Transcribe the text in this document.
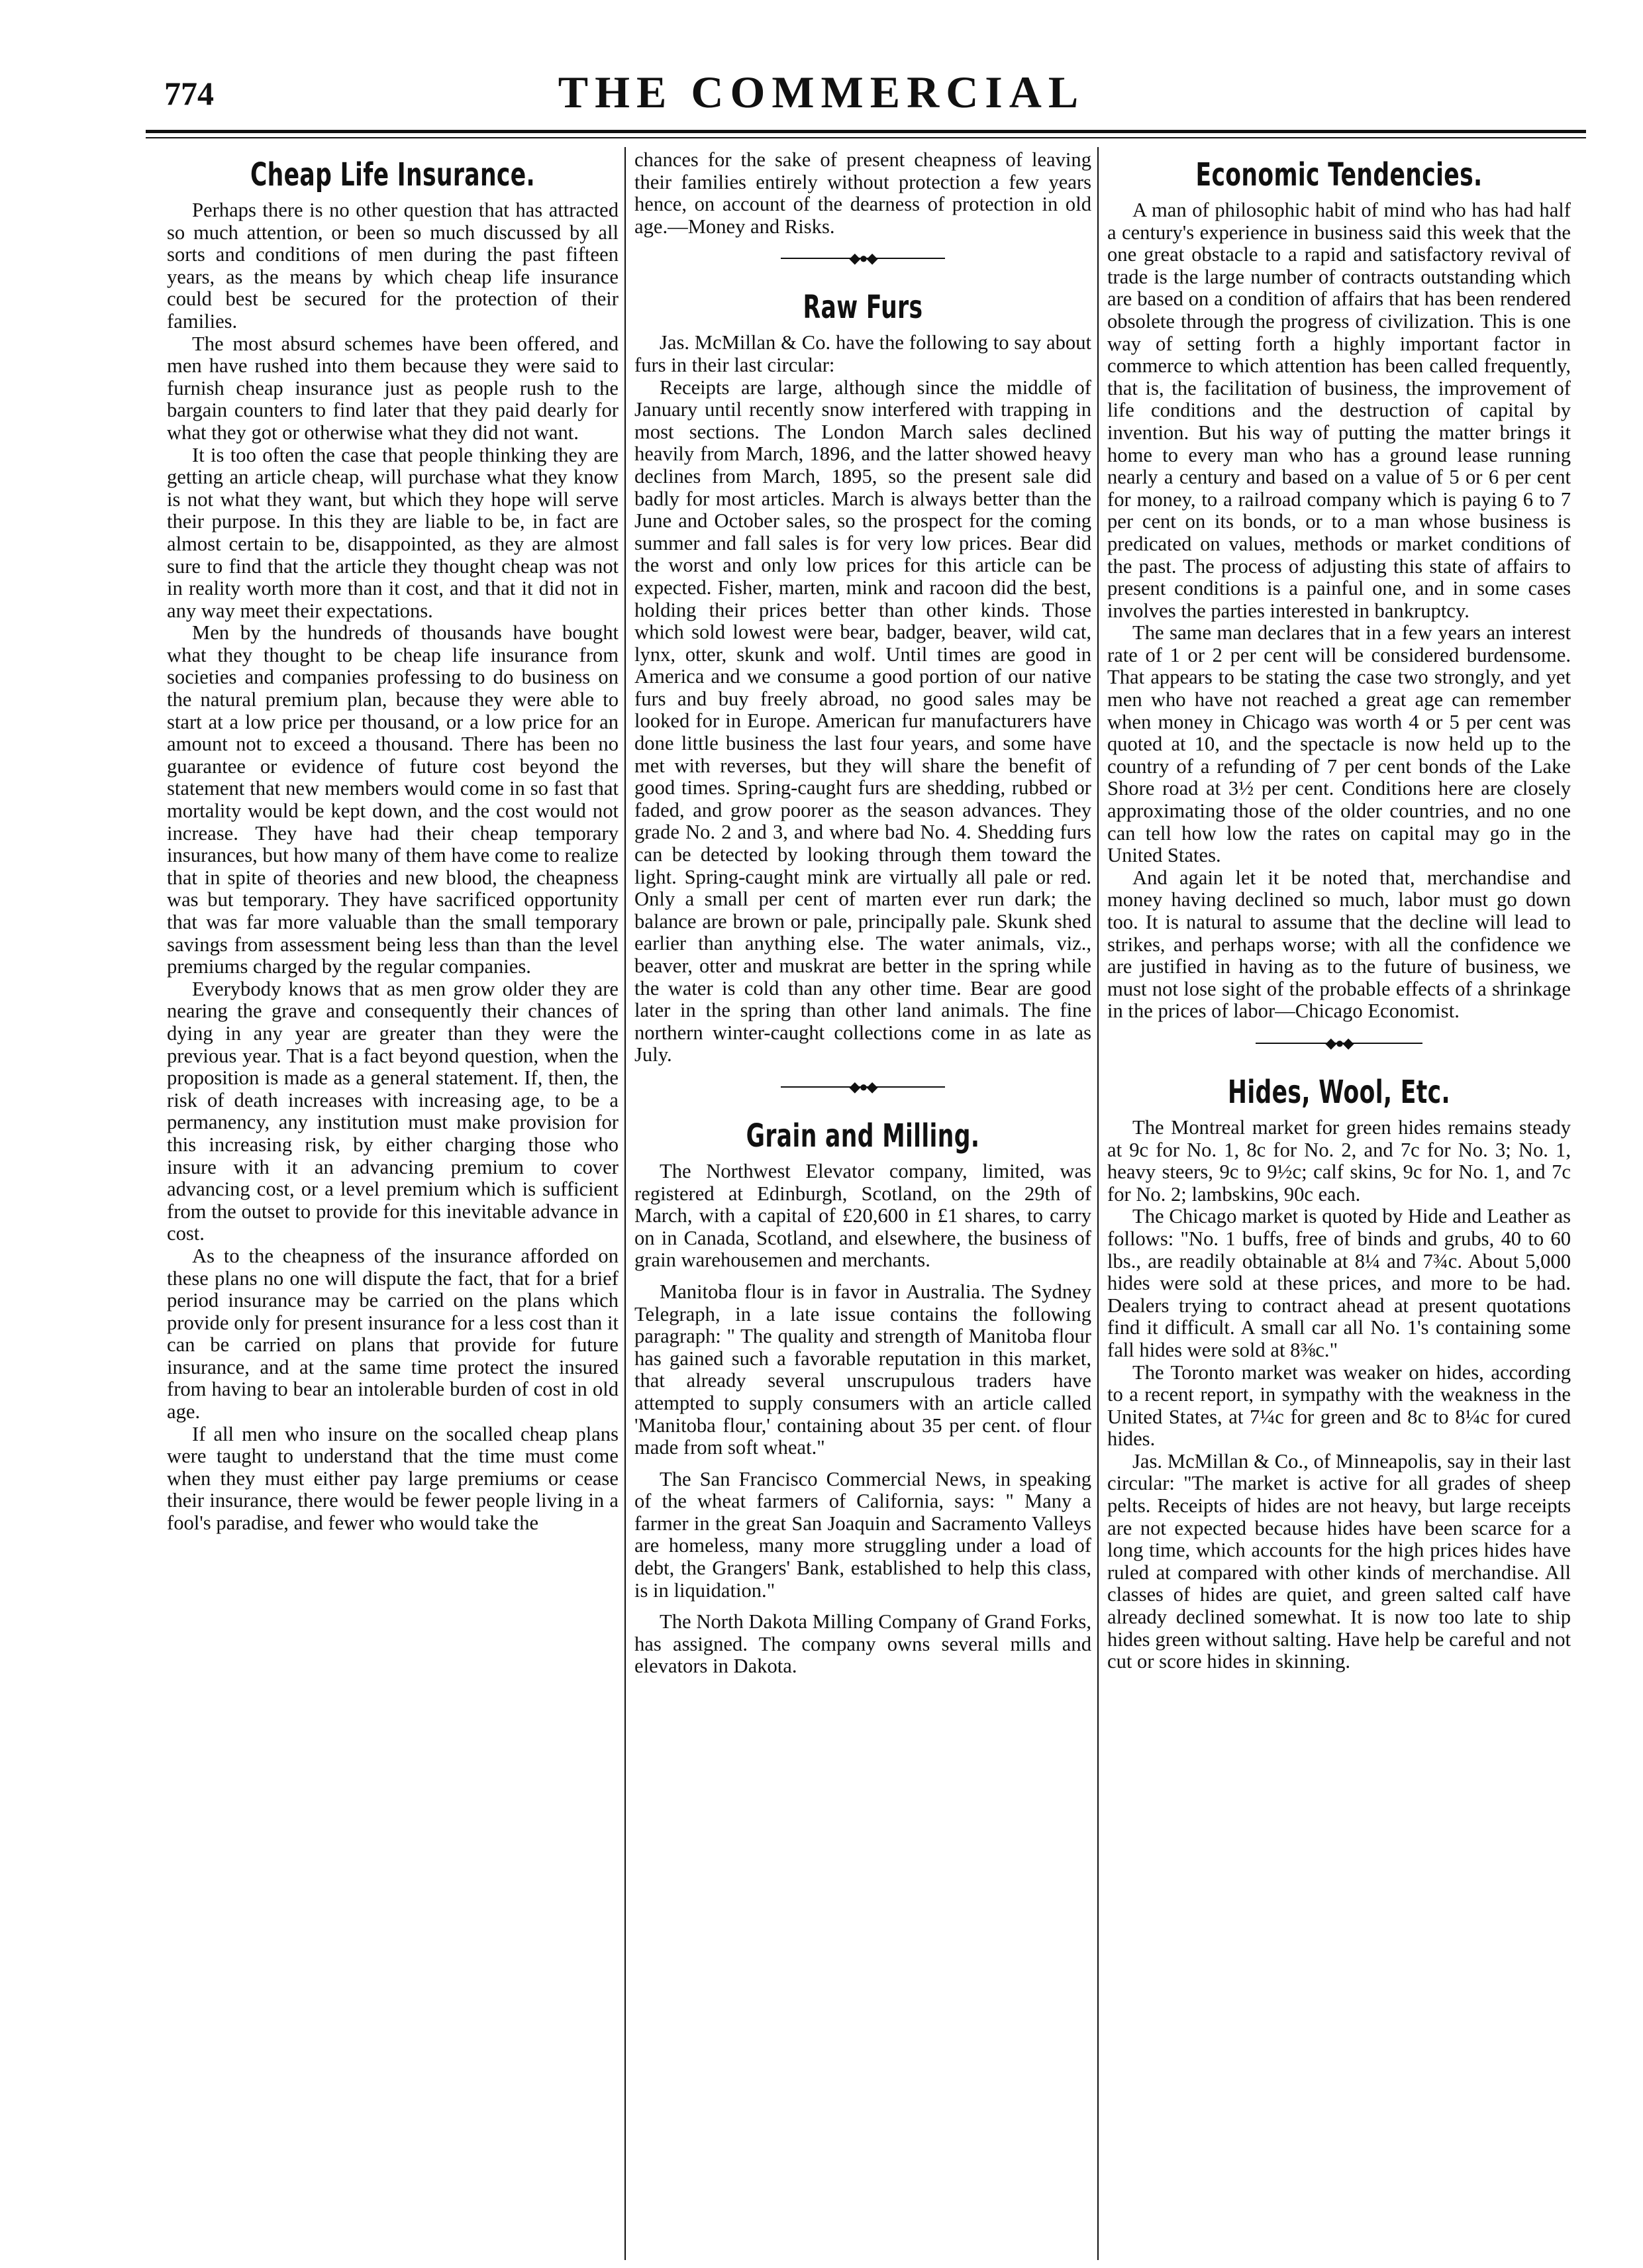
774	THE COMMERCIAL
Cheap Life Insurance.

Perhaps there is no other question that has attracted so much attention, or been so much discussed by all sorts and conditions of men during the past fifteen years, as the means by which cheap life insurance could best be secured for the protection of their families.

The most absurd schemes have been offered, and men have rushed into them because they were said to furnish cheap insurance just as people rush to the bargain counters to find later that they paid dearly for what they got or otherwise what they did not want.

It is too often the case that people thinking they are getting an article cheap, will purchase what they know is not what they want, but which they hope will serve their purpose. In this they are liable to be, in fact are almost certain to be, disappointed, as they are almost sure to find that the article they thought cheap was not in reality worth more than it cost, and that it did not in any way meet their expectations.

Men by the hundreds of thousands have bought what they thought to be cheap life insurance from societies and companies professing to do business on the natural premium plan, because they were able to start at a low price per thousand, or a low price for an amount not to exceed a thousand. There has been no guarantee or evidence of future cost beyond the statement that new members would come in so fast that mortality would be kept down, and the cost would not increase. They have had their cheap temporary insurances, but how many of them have come to realize that in spite of theories and new blood, the cheapness was but temporary. They have sacrificed opportunity that was far more valuable than the small temporary savings from assessment being less than than the level premiums charged by the regular companies.

Everybody knows that as men grow older they are nearing the grave and consequently their chances of dying in any year are greater than they were the previous year. That is a fact beyond question, when the proposition is made as a general statement. If, then, the risk of death increases with increasing age, to be a permanency, any institution must make provision for this increasing risk, by either charging those who insure with it an advancing premium to cover advancing cost, or a level premium which is sufficient from the outset to provide for this inevitable advance in cost.

As to the cheapness of the insurance afforded on these plans no one will dispute the fact, that for a brief period insurance may be carried on the plans which provide only for present insurance for a less cost than it can be carried on plans that provide for future insurance, and at the same time protect the insured from having to bear an intolerable burden of cost in old age.

If all men who insure on the socalled cheap plans were taught to understand that the time must come when they must either pay large premiums or cease their insurance, there would be fewer people living in a fool's paradise, and fewer who would take the

chances for the sake of present cheapness of leaving their families entirely without protection a few years hence, on account of the dearness of protection in old age.—Money and Risks.

◆●◆
Raw Furs

Jas. McMillan & Co. have the following to say about furs in their last circular:

Receipts are large, although since the middle of January until recently snow interfered with trapping in most sections. The London March sales declined heavily from March, 1896, and the latter showed heavy declines from March, 1895, so the present sale did badly for most articles. March is always better than the June and October sales, so the prospect for the coming summer and fall sales is for very low prices. Bear did the worst and only low prices for this article can be expected. Fisher, marten, mink and racoon did the best, holding their prices better than other kinds. Those which sold lowest were bear, badger, beaver, wild cat, lynx, otter, skunk and wolf. Until times are good in America and we consume a good portion of our native furs and buy freely abroad, no good sales may be looked for in Europe. American fur manufacturers have done little business the last four years, and some have met with reverses, but they will share the benefit of good times. Spring-caught furs are shedding, rubbed or faded, and grow poorer as the season advances. They grade No. 2 and 3, and where bad No. 4. Shedding furs can be detected by looking through them toward the light. Spring-caught mink are virtually all pale or red. Only a small per cent of marten ever run dark; the balance are brown or pale, principally pale. Skunk shed earlier than anything else. The water animals, viz., beaver, otter and muskrat are better in the spring while the water is cold than any other time. Bear are good later in the spring than other land animals. The fine northern winter-caught collections come in as late as July.

◆●◆
Grain and Milling.

The Northwest Elevator company, limited, was registered at Edinburgh, Scotland, on the 29th of March, with a capital of £20,600 in £1 shares, to carry on in Canada, Scotland, and elsewhere, the business of grain warehousemen and merchants.

Manitoba flour is in favor in Australia. The Sydney Telegraph, in a late issue contains the following paragraph: " The quality and strength of Manitoba flour has gained such a favorable reputation in this market, that already several unscrupulous traders have attempted to supply consumers with an article called 'Manitoba flour,' containing about 35 per cent. of flour made from soft wheat."

The San Francisco Commercial News, in speaking of the wheat farmers of California, says: " Many a farmer in the great San Joaquin and Sacramento Valleys are homeless, many more struggling under a load of debt, the Grangers' Bank, established to help this class, is in liquidation."

The North Dakota Milling Company of Grand Forks, has assigned. The company owns several mills and elevators in Dakota.

Economic Tendencies.

A man of philosophic habit of mind who has had half a century's experience in business said this week that the one great obstacle to a rapid and satisfactory revival of trade is the large number of contracts outstanding which are based on a condition of affairs that has been rendered obsolete through the progress of civilization. This is one way of setting forth a highly important factor in commerce to which attention has been called frequently, that is, the facilitation of business, the improvement of life conditions and the destruction of capital by invention. But his way of putting the matter brings it home to every man who has a ground lease running nearly a century and based on a value of 5 or 6 per cent for money, to a railroad company which is paying 6 to 7 per cent on its bonds, or to a man whose business is predicated on values, methods or market conditions of the past. The process of adjusting this state of affairs to present conditions is a painful one, and in some cases involves the parties interested in bankruptcy.

The same man declares that in a few years an interest rate of 1 or 2 per cent will be considered burdensome. That appears to be stating the case two strongly, and yet men who have not reached a great age can remember when money in Chicago was worth 4 or 5 per cent was quoted at 10, and the spectacle is now held up to the country of a refunding of 7 per cent bonds of the Lake Shore road at 3½ per cent. Conditions here are closely approximating those of the older countries, and no one can tell how low the rates on capital may go in the United States.

And again let it be noted that, merchandise and money having declined so much, labor must go down too. It is natural to assume that the decline will lead to strikes, and perhaps worse; with all the confidence we are justified in having as to the future of business, we must not lose sight of the probable effects of a shrinkage in the prices of labor—Chicago Economist.

◆●◆
Hides, Wool, Etc.

The Montreal market for green hides remains steady at 9c for No. 1, 8c for No. 2, and 7c for No. 3; No. 1, heavy steers, 9c to 9½c; calf skins, 9c for No. 1, and 7c for No. 2; lambskins, 90c each.

The Chicago market is quoted by Hide and Leather as follows: "No. 1 buffs, free of binds and grubs, 40 to 60 lbs., are readily obtainable at 8¼ and 7¾c. About 5,000 hides were sold at these prices, and more to be had. Dealers trying to contract ahead at present quotations find it difficult. A small car all No. 1's containing some fall hides were sold at 8⅜c."

The Toronto market was weaker on hides, according to a recent report, in sympathy with the weakness in the United States, at 7¼c for green and 8c to 8¼c for cured hides.

Jas. McMillan & Co., of Minneapolis, say in their last circular: "The market is active for all grades of sheep pelts. Receipts of hides are not heavy, but large receipts are not expected because hides have been scarce for a long time, which accounts for the high prices hides have ruled at compared with other kinds of merchandise. All classes of hides are quiet, and green salted calf have already declined somewhat. It is now too late to ship hides green without salting. Have help be careful and not cut or score hides in skinning.
